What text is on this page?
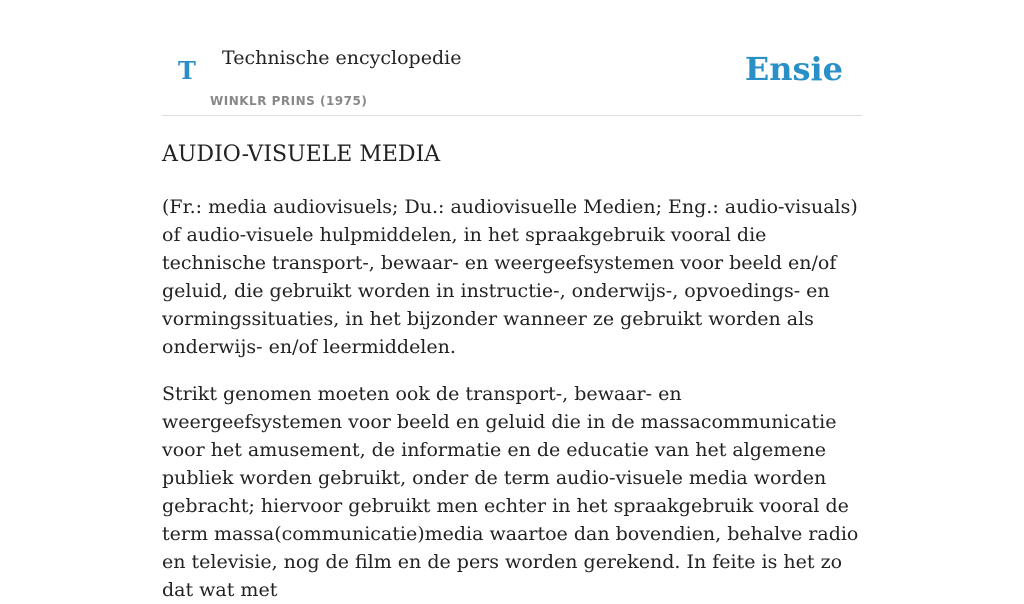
T Technische encyclopedie
WINKLR PRINS (1975)
Ensie
AUDIO-VISUELE MEDIA

(Fr.: media audiovisuels; Du.: audiovisuelle Medien; Eng.: audio-visuals) of audio-visuele hulpmiddelen, in het spraakgebruik vooral die technische transport-, bewaar- en weergeefsystemen voor beeld en/of geluid, die gebruikt worden in instructie-, onderwijs-, opvoedings- en vormingssituaties, in het bijzonder wanneer ze gebruikt worden als onderwijs- en/of leermiddelen.

Strikt genomen moeten ook de transport-, bewaar- en weergeefsystemen voor beeld en geluid die in de massacommunicatie voor het amusement, de informatie en de educatie van het algemene publiek worden gebruikt, onder de term audio-visuele media worden gebracht; hiervoor gebruikt men echter in het spraakgebruik vooral de term massa(communicatie)media waartoe dan bovendien, behalve radio en televisie, nog de film en de pers worden gerekend. In feite is het zo dat wat met
